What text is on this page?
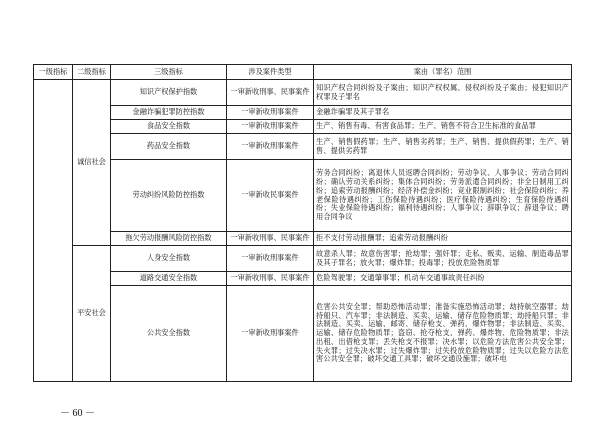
一级指标	二级指标	三级指标	涉及案件类型	案由（罪名）范围
	诚信社会	知识产权保护指数	一审新收刑事、民事案件	知识产权合同纠纷及子案由；知识产权权属、侵权纠纷及子案由；侵犯知识产权罪及子罪名
		金融诈骗犯罪防控指数	一审新收刑事案件	金融诈骗罪及其子罪名
		食品安全指数	一审新收刑事案件	生产、销售有毒、有害食品罪；生产、销售不符合卫生标准的食品罪
		药品安全指数	一审新收刑事案件	生产、销售假药罪；生产、销售劣药罪；生产、销售、提供假药罪；生产、销售、提供劣药罪
		劳动纠纷风险防控指数	一审新收民事案件	劳务合同纠纷；离退休人员返聘合同纠纷；劳动争议、人事争议；劳动合同纠纷；确认劳动关系纠纷；集体合同纠纷；劳务派遣合同纠纷；非全日制用工纠纷；追索劳动报酬纠纷；经济补偿金纠纷；竞业限制纠纷；社会保险纠纷；养老保险待遇纠纷；工伤保险待遇纠纷；医疗保险待遇纠纷；生育保险待遇纠纷；失业保险待遇纠纷；福利待遇纠纷；人事争议；辞职争议；辞退争议；聘用合同争议
		拖欠劳动报酬风险防控指数	一审新收刑事、民事案件	拒不支付劳动报酬罪；追索劳动报酬纠纷
	平安社会	人身安全指数	一审新收刑事案件	故意杀人罪；故意伤害罪；抢劫罪；强奸罪；走私、贩卖、运输、制造毒品罪及其子罪名；放火罪；爆炸罪；投毒罪；投放危险物质罪
		道路交通安全指数	一审新收刑事、民事案件	危险驾驶罪；交通肇事罪；机动车交通事故责任纠纷
		公共安全指数	一审新收刑事案件	危害公共安全罪；帮助恐怖活动罪；准备实施恐怖活动罪；劫持航空器罪；劫持船只、汽车罪；非法制造、买卖、运输、储存危险物质罪；劫持船只罪；非法制造、买卖、运输、邮寄、储存枪支、弹药、爆炸物罪；非法制造、买卖、运输、储存危险物质罪；盗窃、抢夺枪支、弹药、爆炸物、危险物质罪；非法出租、出借枪支罪；丢失枪支不报罪；决水罪；以危险方法危害公共安全罪；失火罪；过失决水罪；过失爆炸罪；过失投放危险物质罪；过失以危险方法危害公共安全罪；破坏交通工具罪；破坏交通设施罪；破坏电
－ 60 －
